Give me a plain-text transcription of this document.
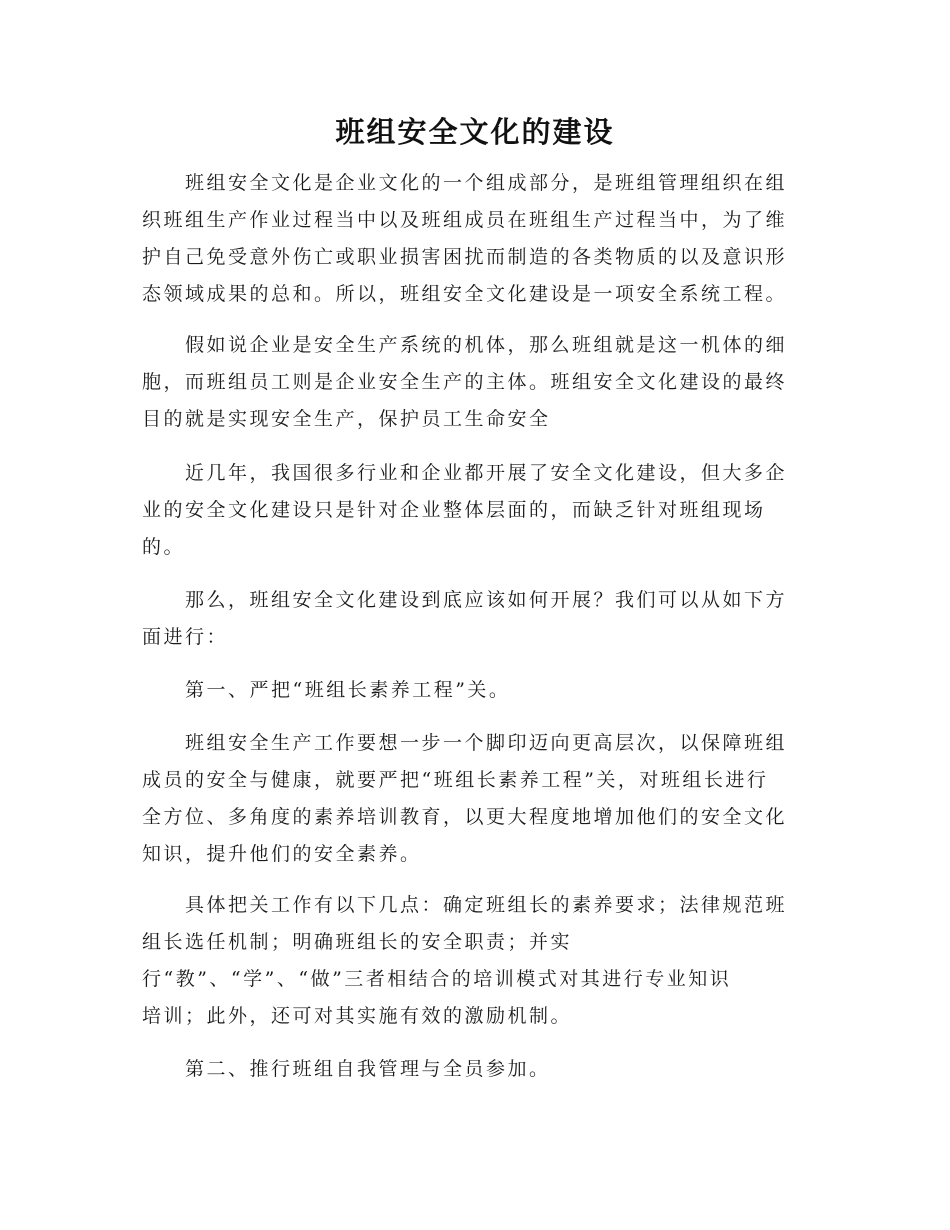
班组安全文化的建设
班组安全文化是企业文化的一个组成部分，是班组管理组织在组
织班组生产作业过程当中以及班组成员在班组生产过程当中，为了维
护自己免受意外伤亡或职业损害困扰而制造的各类物质的以及意识形
态领域成果的总和。所以，班组安全文化建设是一项安全系统工程。
假如说企业是安全生产系统的机体，那么班组就是这一机体的细
胞，而班组员工则是企业安全生产的主体。班组安全文化建设的最终
目的就是实现安全生产，保护员工生命安全
近几年，我国很多行业和企业都开展了安全文化建设，但大多企
业的安全文化建设只是针对企业整体层面的，而缺乏针对班组现场
的。
那么，班组安全文化建设到底应该如何开展？我们可以从如下方
面进行：
第一、严把“班组长素养工程”关。
班组安全生产工作要想一步一个脚印迈向更高层次，以保障班组
成员的安全与健康，就要严把“班组长素养工程”关，对班组长进行
全方位、多角度的素养培训教育，以更大程度地增加他们的安全文化
知识，提升他们的安全素养。
具体把关工作有以下几点：确定班组长的素养要求；法律规范班
组长选任机制；明确班组长的安全职责；并实
行“教”、“学”、“做”三者相结合的培训模式对其进行专业知识
培训；此外，还可对其实施有效的激励机制。
第二、推行班组自我管理与全员参加。
